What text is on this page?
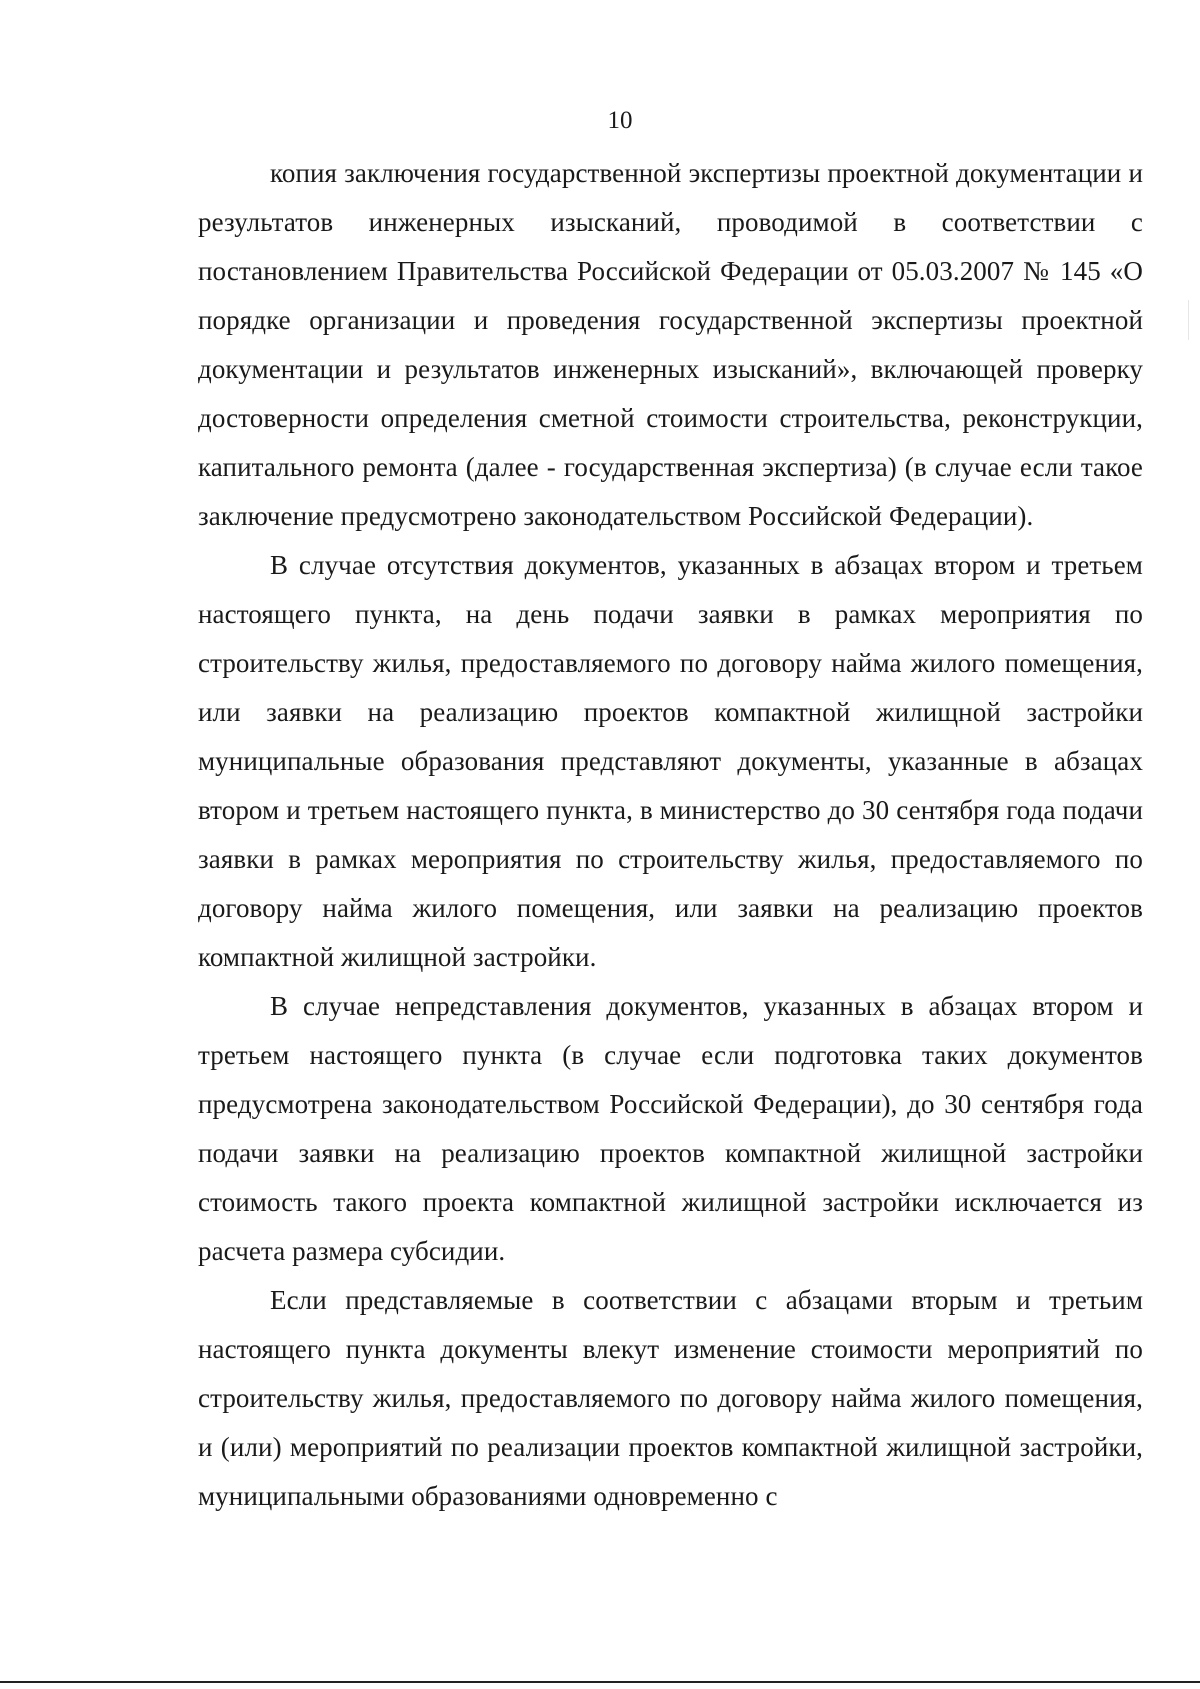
10

копия заключения государственной экспертизы проектной документации и результатов инженерных изысканий, проводимой в соответствии с постановлением Правительства Российской Федерации от 05.03.2007 № 145 «О порядке организации и проведения государственной экспертизы проектной документации и результатов инженерных изысканий», включающей проверку достоверности определения сметной стоимости строительства, реконструкции, капитального ремонта (далее - государственная экспертиза) (в случае если такое заключение предусмотрено законодательством Российской Федерации).

В случае отсутствия документов, указанных в абзацах втором и третьем настоящего пункта, на день подачи заявки в рамках мероприятия по строительству жилья, предоставляемого по договору найма жилого помещения, или заявки на реализацию проектов компактной жилищной застройки муниципальные образования представляют документы, указанные в абзацах втором и третьем настоящего пункта, в министерство до 30 сентября года подачи заявки в рамках мероприятия по строительству жилья, предоставляемого по договору найма жилого помещения, или заявки на реализацию проектов компактной жилищной застройки.

В случае непредставления документов, указанных в абзацах втором и третьем настоящего пункта (в случае если подготовка таких документов предусмотрена законодательством Российской Федерации), до 30 сентября года подачи заявки на реализацию проектов компактной жилищной застройки стоимость такого проекта компактной жилищной застройки исключается из расчета размера субсидии.

Если представляемые в соответствии с абзацами вторым и третьим настоящего пункта документы влекут изменение стоимости мероприятий по строительству жилья, предоставляемого по договору найма жилого помещения, и (или) мероприятий по реализации проектов компактной жилищной застройки, муниципальными образованиями одновременно с
